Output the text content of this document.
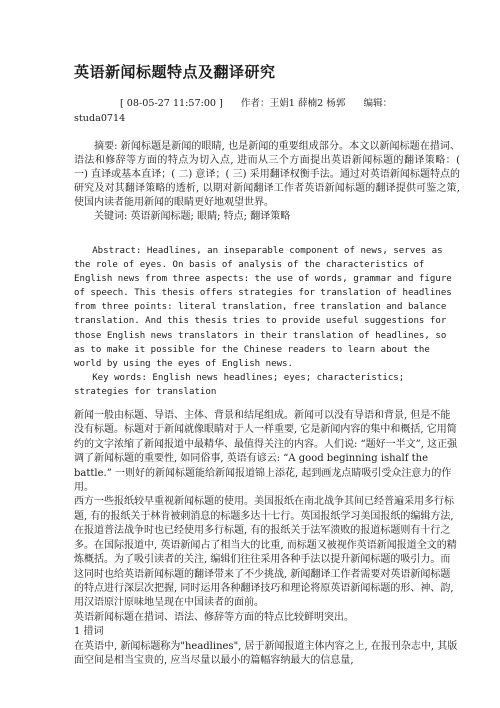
英语新闻标题特点及翻译研究
[ 08-05-27 11:57:00 ] 作者：王娟1 薛楠2 杨郭 编辑：
studa0714

摘要: 新闻标题是新闻的眼睛, 也是新闻的重要组成部分。本文以新闻标题在措词、语法和修辞等方面的特点为切入点, 进而从三个方面提出英语新闻标题的翻译策略：( 一) 直译或基本直译；( 二) 意译；( 三) 采用翻译权衡手法。通过对英语新闻标题特点的研究及对其翻译策略的透析, 以期对新闻翻译工作者英语新闻标题的翻译提供可鉴之策, 使国内读者能用新闻的眼睛更好地观望世界。

关键词: 英语新闻标题; 眼睛; 特点; 翻译策略

Abstract: Headlines, an inseparable component of news, serves as the role of eyes. On basis of analysis of the characteristics of English news from three aspects: the use of words, grammar and figure of speech. This thesis offers strategies for translation of headlines from three points: literal translation, free translation and balance translation. And this thesis tries to provide useful suggestions for those English news translators in their translation of headlines, so as to make it possible for the Chinese readers to learn about the world by using the eyes of English news.

Key words: English news headlines; eyes; characteristics; strategies for translation

新闻一般由标题、导语、主体、背景和结尾组成。新闻可以没有导语和背景, 但是不能没有标题。标题对于新闻就像眼睛对于人一样重要, 它是新闻内容的集中和概括, 它用简约的文字浓缩了新闻报道中最精华、最值得关注的内容。人们说: “题好一半文”, 这正强调了新闻标题的重要性, 如同俗事, 英语有谚云: “A good beginning ishalf the battle.” 一则好的新闻标题能给新闻报道锦上添花, 起到画龙点睛吸引受众注意力的作用。

西方一些报纸较早重视新闻标题的使用。美国报纸在南北战争其间已经普遍采用多行标题, 有的报纸关于林肯被刺消息的标题多达十七行。英国报纸学习美国报纸的编辑方法, 在报道普法战争时也已经使用多行标题, 有的报纸关于法军溃败的报道标题则有十行之多。在国际报道中, 英语新闻占了相当大的比重, 而标题又被视作英语新闻报道全文的精炼概括。为了吸引读者的关注, 编辑们往往采用各种手法以提升新闻标题的吸引力。而这同时也给英语新闻标题的翻译带来了不少挑战, 新闻翻译工作者需要对英语新闻标题的特点进行深层次把握, 同时运用各种翻译技巧和理论将原英语新闻标题的形、神、韵, 用汉语原汁原味地呈现在中国读者的面前。

英语新闻标题在措词、语法、修辞等方面的特点比较鲜明突出。

1 措词

在英语中, 新闻标题称为"headlines", 居于新闻报道主体内容之上, 在报刊杂志中, 其版面空间是相当宝贵的, 应当尽量以最小的篇幅容纳最大的信息量,
